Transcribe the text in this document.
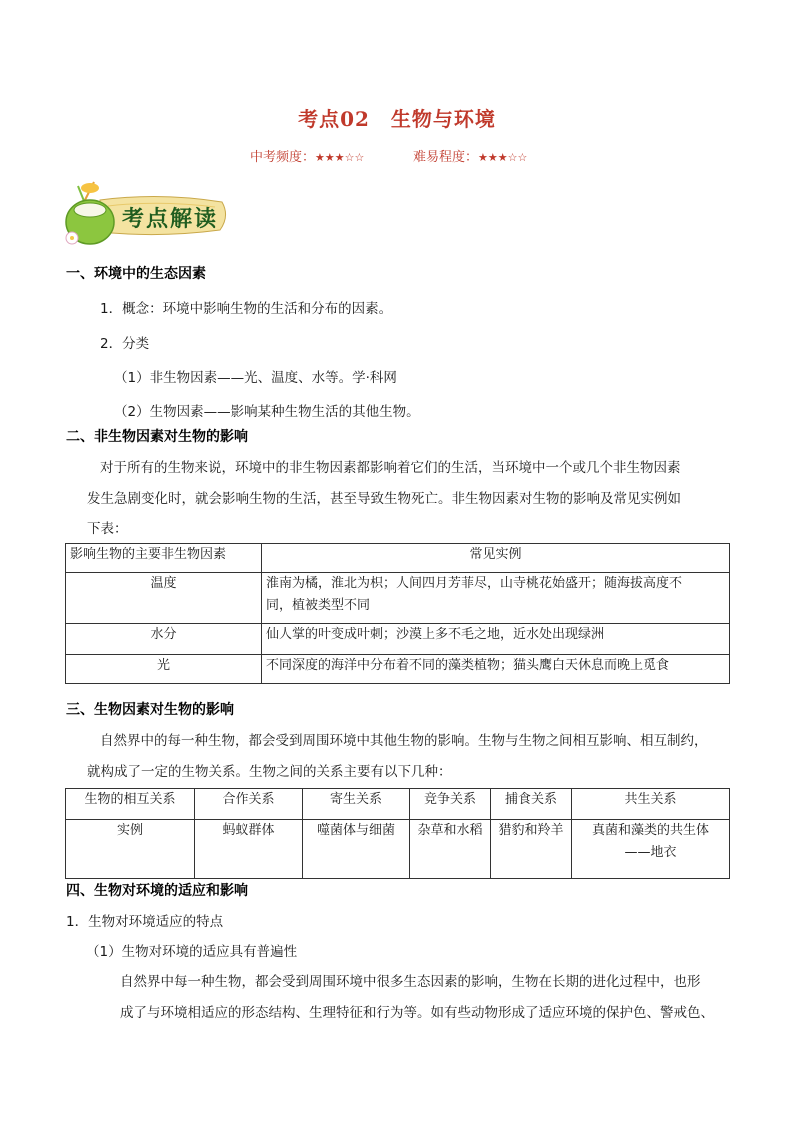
考点02　生物与环境
中考频度：★★★☆☆	难易程度：★★★☆☆
考点解读
一、环境中的生态因素
1．概念：环境中影响生物的生活和分布的因素。
2．分类
（1）非生物因素——光、温度、水等。学·科网
（2）生物因素——影响某种生物生活的其他生物。
二、非生物因素对生物的影响
对于所有的生物来说，环境中的非生物因素都影响着它们的生活，当环境中一个或几个非生物因素
发生急剧变化时，就会影响生物的生活，甚至导致生物死亡。非生物因素对生物的影响及常见实例如
下表：
影响生物的主要非生物因素	常见实例
温度	淮南为橘，淮北为枳；人间四月芳菲尽，山寺桃花始盛开；随海拔高度不
同，植被类型不同

水分	仙人掌的叶变成叶刺；沙漠上多不毛之地，近水处出现绿洲
光	不同深度的海洋中分布着不同的藻类植物；猫头鹰白天休息而晚上觅食
三、生物因素对生物的影响
自然界中的每一种生物，都会受到周围环境中其他生物的影响。生物与生物之间相互影响、相互制约，
就构成了一定的生物关系。生物之间的关系主要有以下几种：
生物的相互关系	合作关系	寄生关系	竞争关系	捕食关系	共生关系
实例	蚂蚁群体	噬菌体与细菌	杂草和水稻	猎豹和羚羊	真菌和藻类的共生体
——地衣
四、生物对环境的适应和影响
1．生物对环境适应的特点
（1）生物对环境的适应具有普遍性
自然界中每一种生物，都会受到周围环境中很多生态因素的影响，生物在长期的进化过程中，也形
成了与环境相适应的形态结构、生理特征和行为等。如有些动物形成了适应环境的保护色、警戒色、
